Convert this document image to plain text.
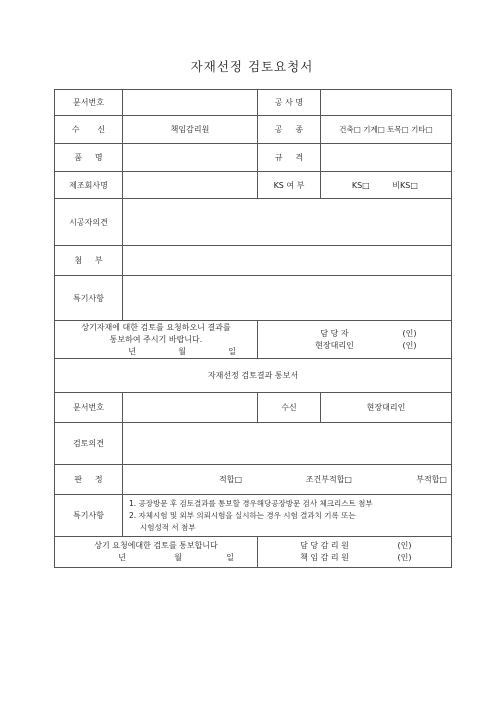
자재선정 검토요청서
문서번호		공 사 명	
수       신	책임감리원	공     종	건축□ 기계□ 토목□ 기타□
품     명		규     격	
제조회사명		KS 여 부	KS□ 비KS□
시공자의견			
첨     부			
특기사항			

상기자재에 대한 검토를 요청하오니 결과를
통보하여 주시기 바랍니다.
년 월 일		담 당 자 (인)
현장대리인 (인)	

자재선정 검토결과 통보서			
문서번호		수신	현장대리인
검토의견			
판     정	적합□ 조건부적합□ 부적합□		
특기사항	1. 공장방문 후 검토결과를 통보할 경우해당공장방문 검사 체크리스트 첨부
2. 자체시험 및 외부 의뢰시험을 실시하는 경우 시험 결과치 기록 또는
시험성적 서 첨부		

상기 요청에대한 검토를 통보합니다
년 월 일		담 당 감 리 원 (인)
책 임 감 리 원 (인)	
